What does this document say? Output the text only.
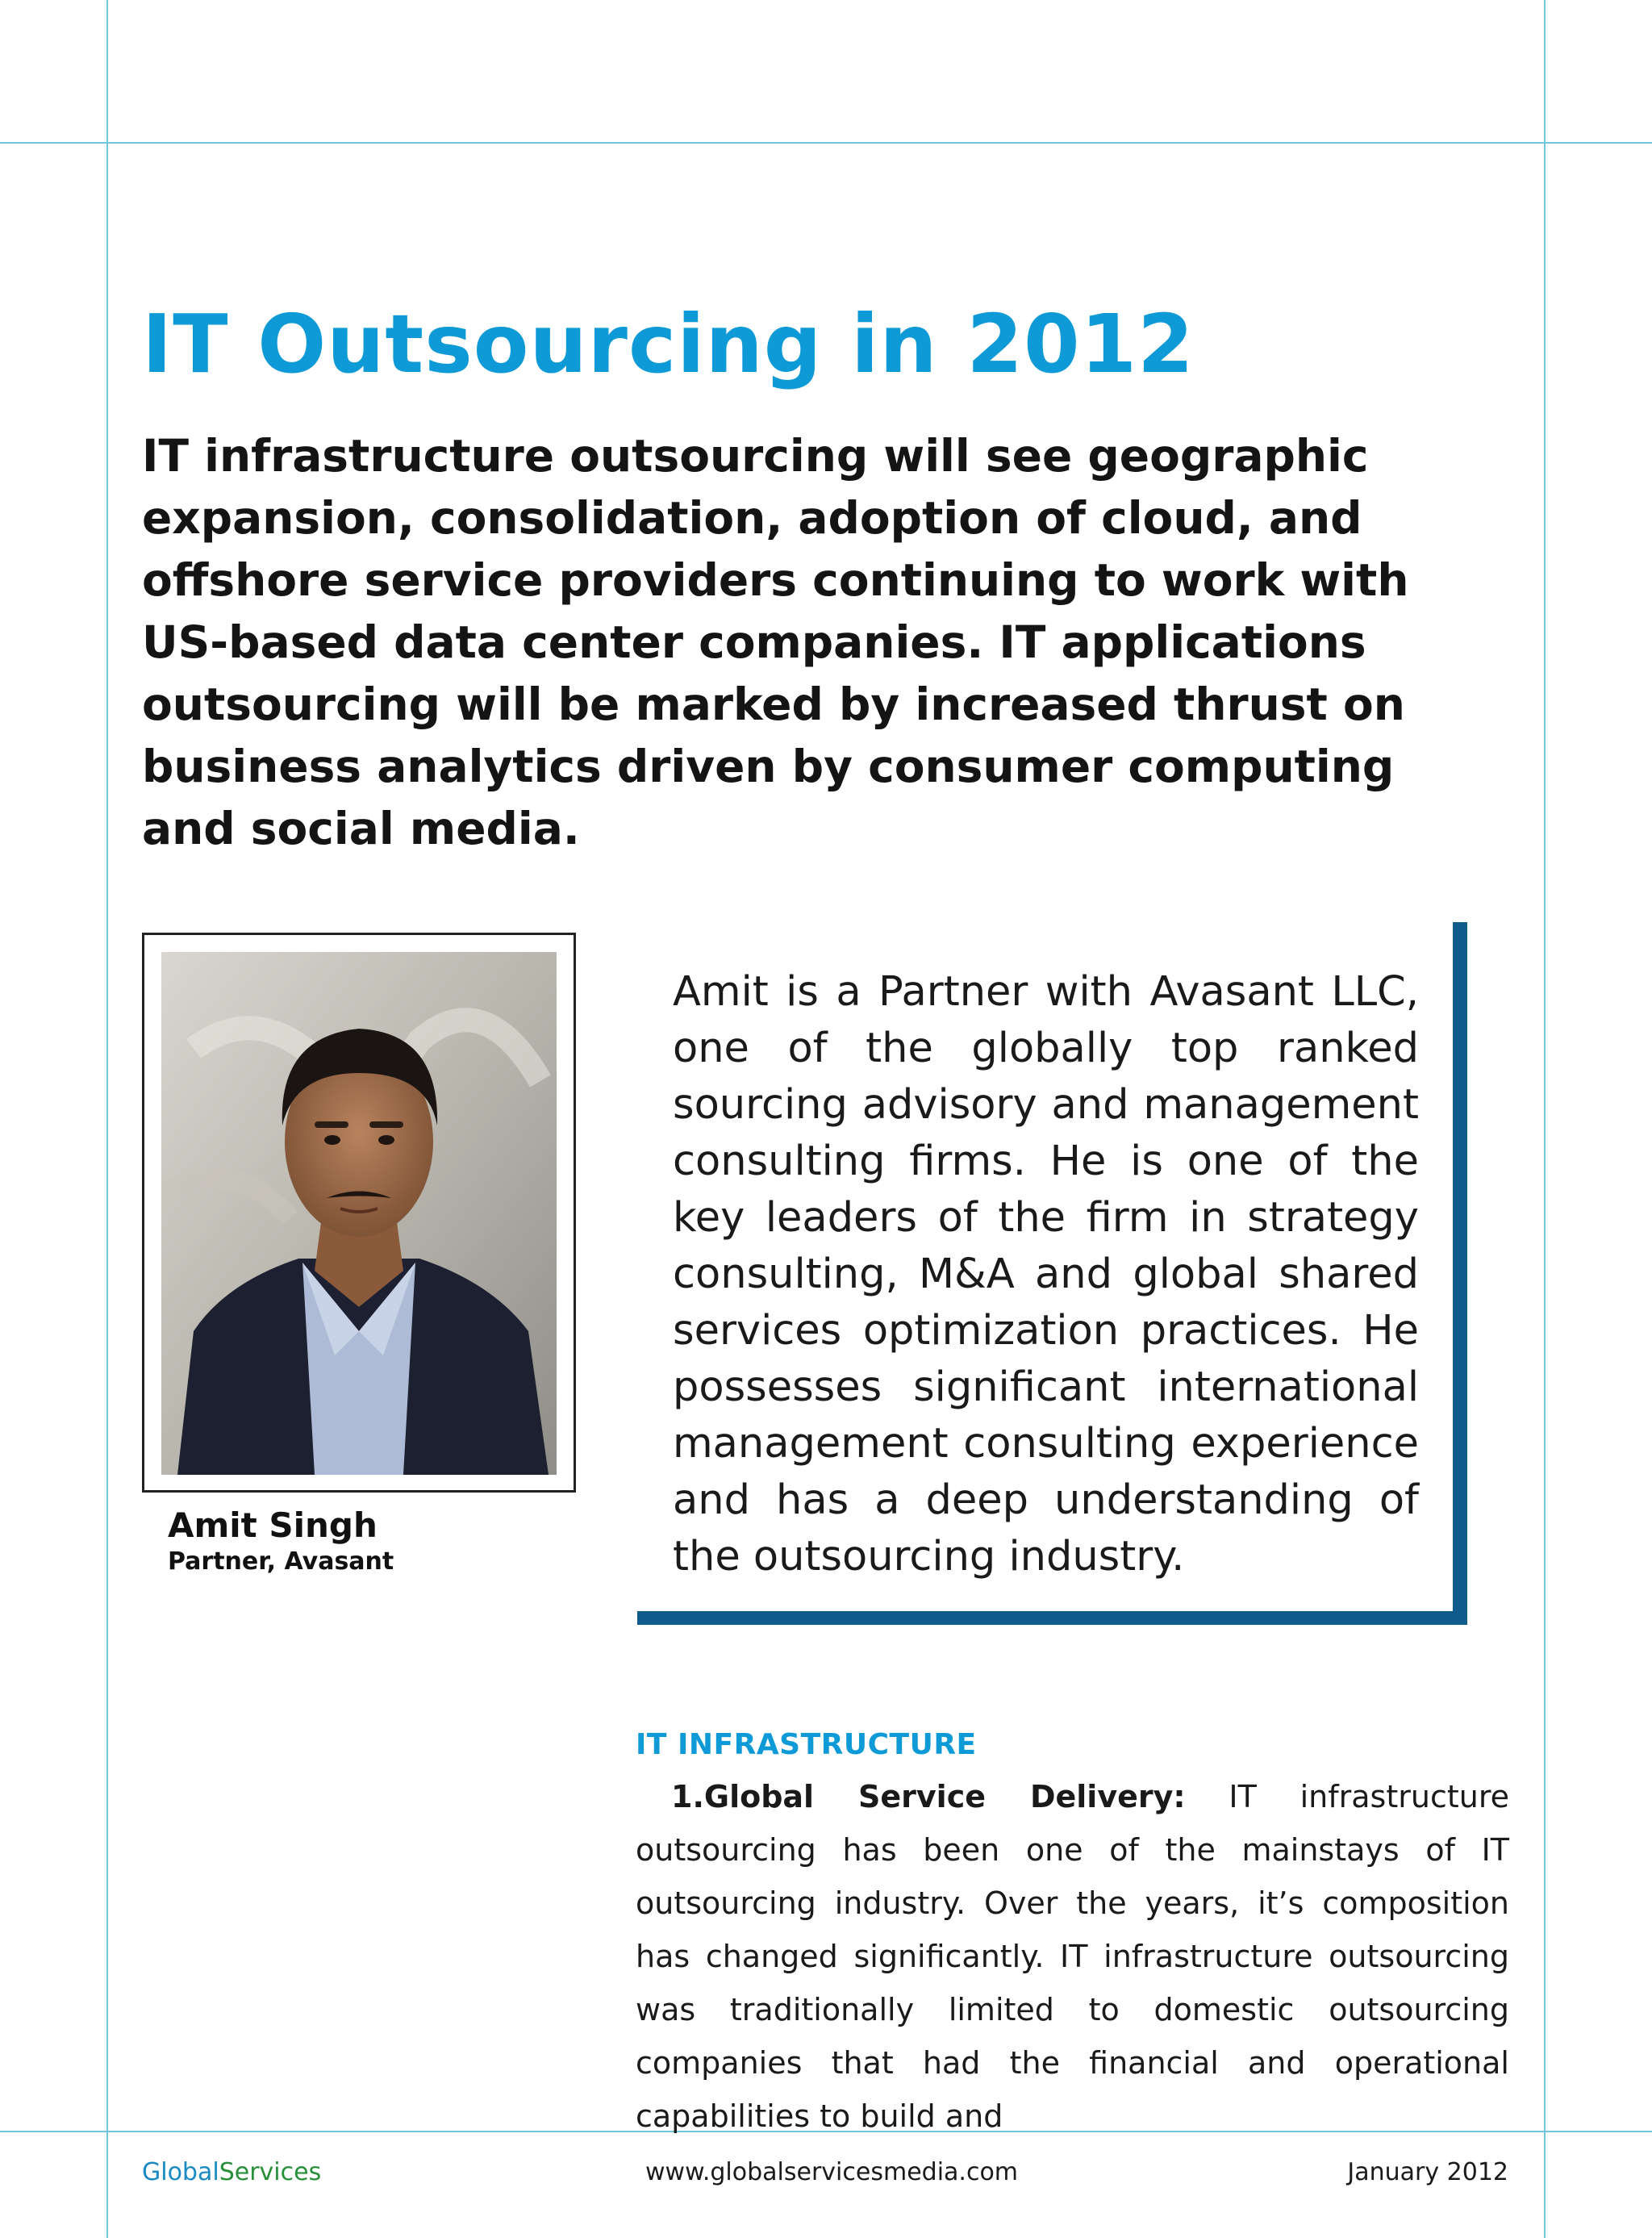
IT Outsourcing in 2012

IT infrastructure outsourcing will see geographic expansion, consolidation, adoption of cloud, and offshore service providers continuing to work with US-based data center companies. IT applications outsourcing will be marked by increased thrust on business analytics driven by consumer computing and social media.

Amit Singh

Partner, Avasant

Amit is a Partner with Avasant LLC, one of the globally top ranked sourcing advisory and management consulting firms. He is one of the key leaders of the firm in strategy consulting, M&A and global shared services optimization practices. He possesses significant international management consulting experience and has a deep understanding of the outsourcing industry.

IT INFRASTRUCTURE

1.Global Service Delivery: IT infrastructure outsourcing has been one of the mainstays of IT outsourcing industry. Over the years, it’s composition has changed significantly. IT infrastructure outsourcing was traditionally limited to domestic outsourcing companies that had the financial and operational capabilities to build and

GlobalServices	www.globalservicesmedia.com	January 2012
